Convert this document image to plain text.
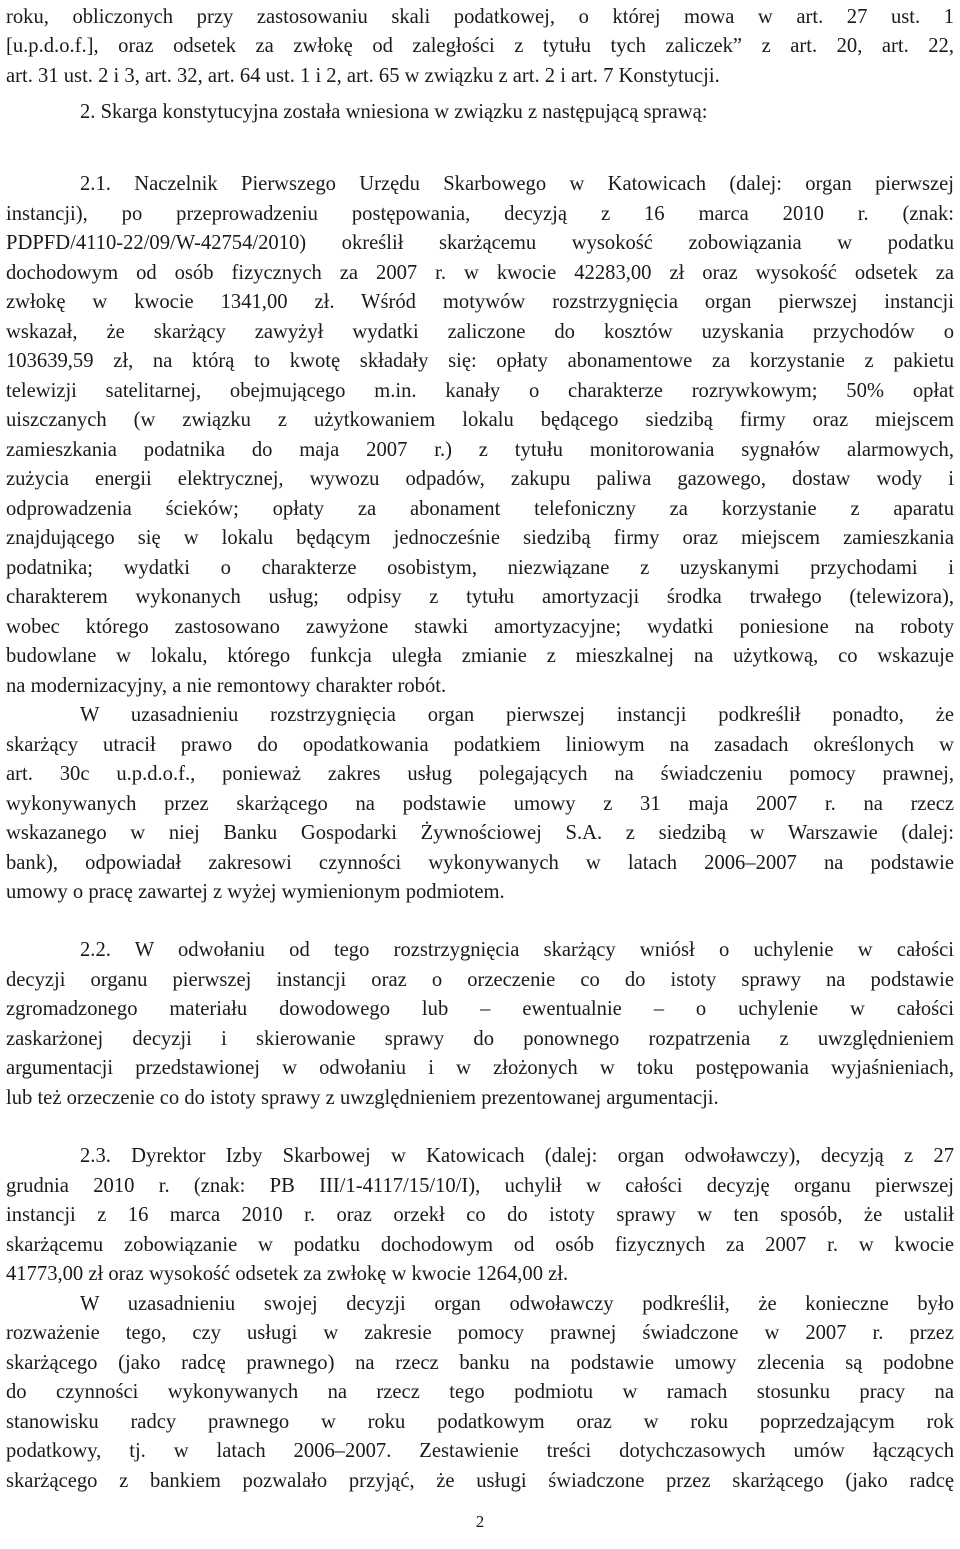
roku, obliczonych przy zastosowaniu skali podatkowej, o której mowa w art. 27 ust. 1
[u.p.d.o.f.], oraz odsetek za zwłokę od zaległości z tytułu tych zaliczek” z art. 20, art. 22,
art. 31 ust. 2 i 3, art. 32, art. 64 ust. 1 i 2, art. 65 w związku z art. 2 i art. 7 Konstytucji.
2. Skarga konstytucyjna została wniesiona w związku z następującą sprawą:
2.1. Naczelnik Pierwszego Urzędu Skarbowego w Katowicach (dalej: organ pierwszej
instancji), po przeprowadzeniu postępowania, decyzją z 16 marca 2010 r. (znak:
PDPFD/4110-22/09/W-42754/2010) określił skarżącemu wysokość zobowiązania w podatku
dochodowym od osób fizycznych za 2007 r. w kwocie 42283,00 zł oraz wysokość odsetek za
zwłokę w kwocie 1341,00 zł. Wśród motywów rozstrzygnięcia organ pierwszej instancji
wskazał, że skarżący zawyżył wydatki zaliczone do kosztów uzyskania przychodów o
103639,59 zł, na którą to kwotę składały się: opłaty abonamentowe za korzystanie z pakietu
telewizji satelitarnej, obejmującego m.in. kanały o charakterze rozrywkowym; 50% opłat
uiszczanych (w związku z użytkowaniem lokalu będącego siedzibą firmy oraz miejscem
zamieszkania podatnika do maja 2007 r.) z tytułu monitorowania sygnałów alarmowych,
zużycia energii elektrycznej, wywozu odpadów, zakupu paliwa gazowego, dostaw wody i
odprowadzenia ścieków; opłaty za abonament telefoniczny za korzystanie z aparatu
znajdującego się w lokalu będącym jednocześnie siedzibą firmy oraz miejscem zamieszkania
podatnika; wydatki o charakterze osobistym, niezwiązane z uzyskanymi przychodami i
charakterem wykonanych usług; odpisy z tytułu amortyzacji środka trwałego (telewizora),
wobec którego zastosowano zawyżone stawki amortyzacyjne; wydatki poniesione na roboty
budowlane w lokalu, którego funkcja uległa zmianie z mieszkalnej na użytkową, co wskazuje
na modernizacyjny, a nie remontowy charakter robót.
W uzasadnieniu rozstrzygnięcia organ pierwszej instancji podkreślił ponadto, że
skarżący utracił prawo do opodatkowania podatkiem liniowym na zasadach określonych w
art. 30c u.p.d.o.f., ponieważ zakres usług polegających na świadczeniu pomocy prawnej,
wykonywanych przez skarżącego na podstawie umowy z 31 maja 2007 r. na rzecz
wskazanego w niej Banku Gospodarki Żywnościowej S.A. z siedzibą w Warszawie (dalej:
bank), odpowiadał zakresowi czynności wykonywanych w latach 2006–2007 na podstawie
umowy o pracę zawartej z wyżej wymienionym podmiotem.
2.2. W odwołaniu od tego rozstrzygnięcia skarżący wniósł o uchylenie w całości
decyzji organu pierwszej instancji oraz o orzeczenie co do istoty sprawy na podstawie
zgromadzonego materiału dowodowego lub – ewentualnie – o uchylenie w całości
zaskarżonej decyzji i skierowanie sprawy do ponownego rozpatrzenia z uwzględnieniem
argumentacji przedstawionej w odwołaniu i w złożonych w toku postępowania wyjaśnieniach,
lub też orzeczenie co do istoty sprawy z uwzględnieniem prezentowanej argumentacji.
2.3. Dyrektor Izby Skarbowej w Katowicach (dalej: organ odwoławczy), decyzją z 27
grudnia 2010 r. (znak: PB III/1-4117/15/10/I), uchylił w całości decyzję organu pierwszej
instancji z 16 marca 2010 r. oraz orzekł co do istoty sprawy w ten sposób, że ustalił
skarżącemu zobowiązanie w podatku dochodowym od osób fizycznych za 2007 r. w kwocie
41773,00 zł oraz wysokość odsetek za zwłokę w kwocie 1264,00 zł.
W uzasadnieniu swojej decyzji organ odwoławczy podkreślił, że konieczne było
rozważenie tego, czy usługi w zakresie pomocy prawnej świadczone w 2007 r. przez
skarżącego (jako radcę prawnego) na rzecz banku na podstawie umowy zlecenia są podobne
do czynności wykonywanych na rzecz tego podmiotu w ramach stosunku pracy na
stanowisku radcy prawnego w roku podatkowym oraz w roku poprzedzającym rok
podatkowy, tj. w latach 2006–2007. Zestawienie treści dotychczasowych umów łączących
skarżącego z bankiem pozwalało przyjąć, że usługi świadczone przez skarżącego (jako radcę
2
